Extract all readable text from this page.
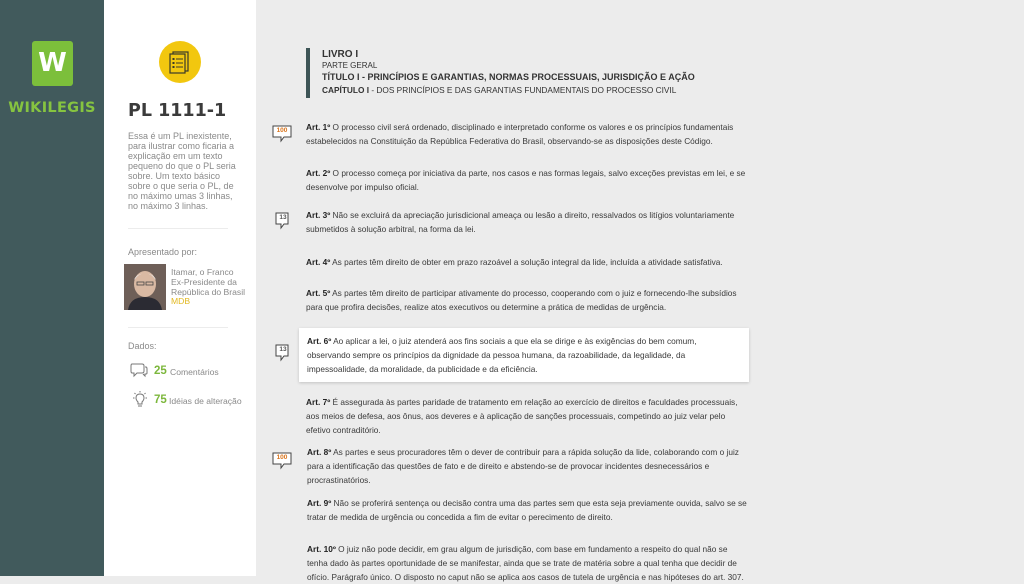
W
WIKILEGIS	PL 1111-1
Essa é um PL inexistente, para ilustrar como ficaria a explicação em um texto pequeno do que o PL seria sobre. Um texto básico sobre o que seria o PL, de no máximo umas 3 linhas, no máximo 3 linhas.
Apresentado por:
Itamar, o Franco
Ex-Presidente da República do Brasil
MDB
Dados:
25 Comentários
75 Idéias de alteração
LIVRO I
PARTE GERAL
TÍTULO I - PRINCÍPIOS E GARANTIAS, NORMAS PROCESSUAIS, JURISDIÇÃO E AÇÃO
CAPÍTULO I - DOS PRINCÍPIOS E DAS GARANTIAS FUNDAMENTAIS DO PROCESSO CIVIL
Art. 1º O processo civil será ordenado, disciplinado e interpretado conforme os valores e os princípios fundamentais estabelecidos na Constituição da República Federativa do Brasil, observando-se as disposições deste Código.
100
Art. 2º O processo começa por iniciativa da parte, nos casos e nas formas legais, salvo exceções previstas em lei, e se desenvolve por impulso oficial.
Art. 3º Não se excluirá da apreciação jurisdicional ameaça ou lesão a direito, ressalvados os litígios voluntariamente submetidos à solução arbitral, na forma da lei.
13
Art. 4º As partes têm direito de obter em prazo razoável a solução integral da lide, incluída a atividade satisfativa.
Art. 5º As partes têm direito de participar ativamente do processo, cooperando com o juiz e fornecendo-lhe subsídios para que profira decisões, realize atos executivos ou determine a prática de medidas de urgência.
Art. 6º Ao aplicar a lei, o juiz atenderá aos fins sociais a que ela se dirige e às exigências do bem comum, observando sempre os princípios da dignidade da pessoa humana, da razoabilidade, da legalidade, da impessoalidade, da moralidade, da publicidade e da eficiência.
13
Art. 7º É assegurada às partes paridade de tratamento em relação ao exercício de direitos e faculdades processuais, aos meios de defesa, aos ônus, aos deveres e à aplicação de sanções processuais, competindo ao juiz velar pelo efetivo contraditório.
Art. 8º As partes e seus procuradores têm o dever de contribuir para a rápida solução da lide, colaborando com o juiz para a identificação das questões de fato e de direito e abstendo-se de provocar incidentes desnecessários e procrastinatórios.
100
Art. 9º Não se proferirá sentença ou decisão contra uma das partes sem que esta seja previamente ouvida, salvo se se tratar de medida de urgência ou concedida a fim de evitar o perecimento de direito.
Art. 10º O juiz não pode decidir, em grau algum de jurisdição, com base em fundamento a respeito do qual não se tenha dado às partes oportunidade de se manifestar, ainda que se trate de matéria sobre a qual tenha que decidir de ofício. Parágrafo único. O disposto no caput não se aplica aos casos de tutela de urgência e nas hipóteses do art. 307.
